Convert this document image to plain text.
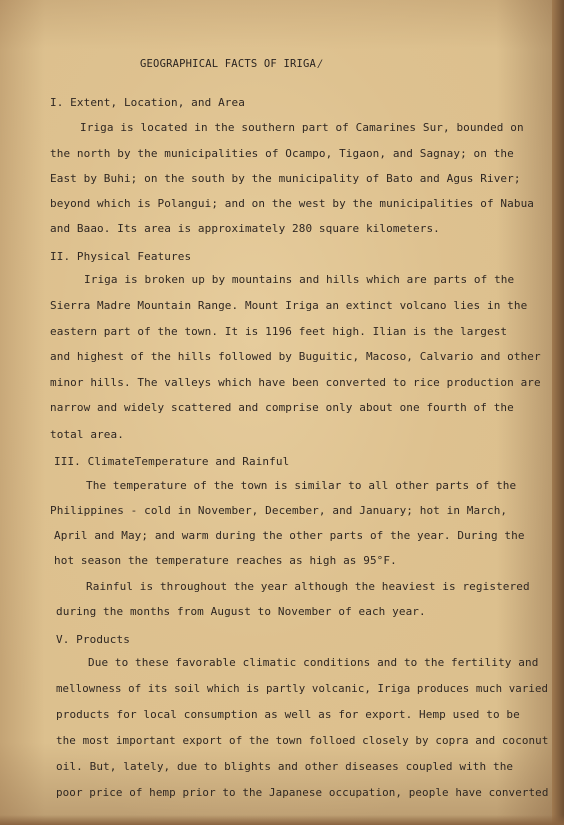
GEOGRAPHICAL FACTS OF IRIGA /
I. Extent, Location, and Area
Iriga is located in the southern part of Camarines Sur, bounded on
the north by the municipalities of Ocampo, Tigaon, and Sagnay; on the
East by Buhi; on the south by the municipality of Bato and Agus River;
beyond which is Polangui; and on the west by the municipalities of Nabua
and Baao. Its area is approximately 280 square kilometers.
II. Physical Features
Iriga is broken up by mountains and hills which are parts of the
Sierra Madre Mountain Range. Mount Iriga an extinct volcano lies in the
eastern part of the town. It is 1196 feet high. Ilian is the largest
and highest of the hills followed by Buguitic, Macoso, Calvario and other
minor hills. The valleys which have been converted to rice production are
narrow and widely scattered and comprise only about one fourth of the
total area.
III. ClimateTemperature and Rainful
The temperature of the town is similar to all other parts of the
Philippines - cold in November, December, and January; hot in March,
April and May; and warm during the other parts of the year. During the
hot season the temperature reaches as high as 95°F.
Rainful is throughout the year although the heaviest is registered
during the months from August to November of each year.
V. Products
Due to these favorable climatic conditions and to the fertility and
mellowness of its soil which is partly volcanic, Iriga produces much varied
products for local consumption as well as for export. Hemp used to be
the most important export of the town folloed closely by copra and coconut
oil. But, lately, due to blights and other diseases coupled with the
poor price of hemp prior to the Japanese occupation, people have converted
